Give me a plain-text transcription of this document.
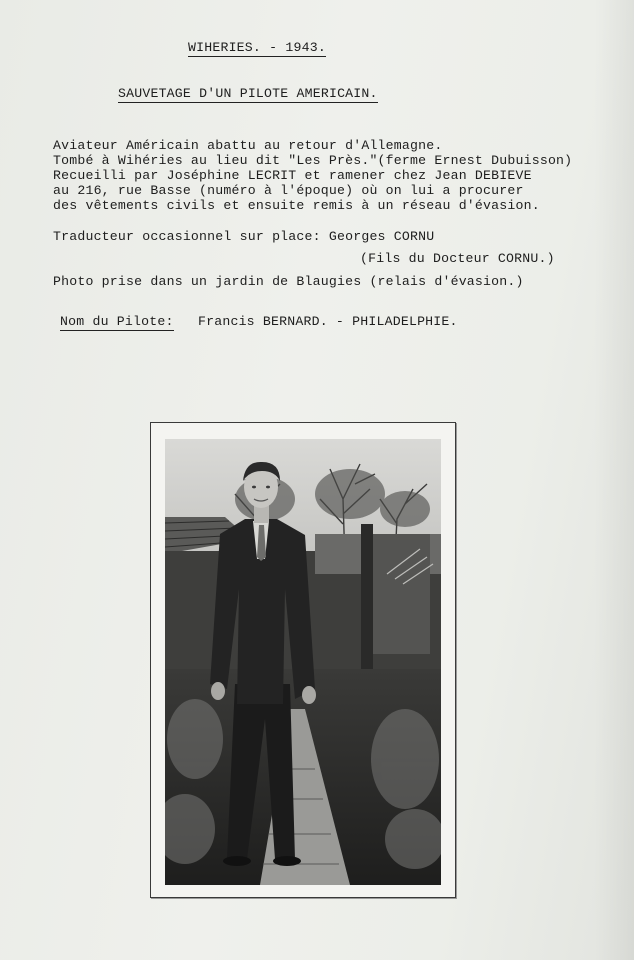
WIHERIES. - 1943.
SAUVETAGE D'UN PILOTE AMERICAIN.
Aviateur Américain abattu au retour d'Allemagne.
Tombé à Wihéries au lieu dit "Les Près."(ferme Ernest Dubuisson)
Recueilli par Joséphine LECRIT et ramener chez Jean DEBIEVE
au 216, rue Basse (numéro à l'époque) où on lui a procurer
des vêtements civils et ensuite remis à un réseau d'évasion.
Traducteur occasionnel sur place: Georges CORNU
(Fils du Docteur CORNU.)
Photo prise dans un jardin de Blaugies (relais d'évasion.)
Nom du Pilote: Francis BERNARD. - PHILADELPHIE.
